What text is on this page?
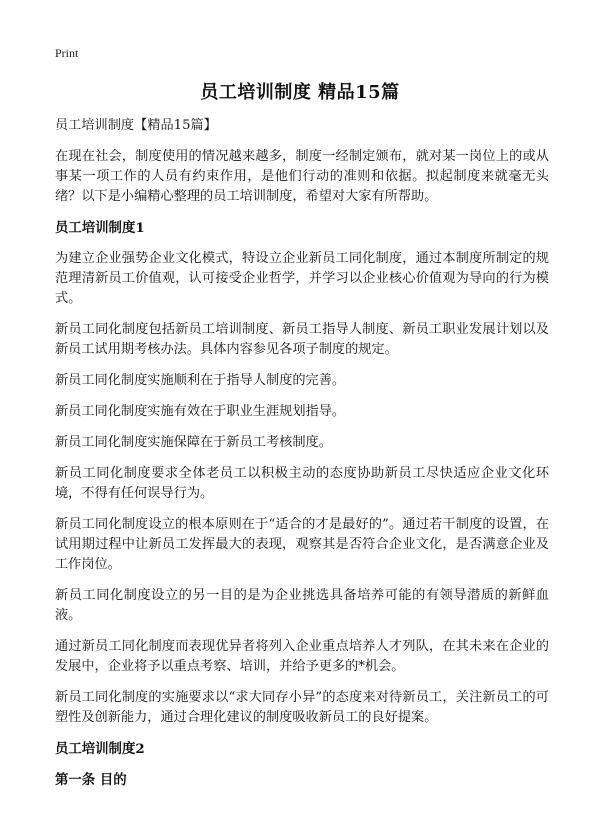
Print
员工培训制度 精品15篇

员工培训制度【精品15篇】

在现在社会，制度使用的情况越来越多，制度一经制定颁布，就对某一岗位上的或从事某一项工作的人员有约束作用，是他们行动的准则和依据。拟起制度来就毫无头绪？以下是小编精心整理的员工培训制度，希望对大家有所帮助。

员工培训制度1

为建立企业强势企业文化模式，特设立企业新员工同化制度，通过本制度所制定的规范理清新员工价值观，认可接受企业哲学，并学习以企业核心价值观为导向的行为模式。

新员工同化制度包括新员工培训制度、新员工指导人制度、新员工职业发展计划以及新员工试用期考核办法。具体内容参见各项子制度的规定。

新员工同化制度实施顺利在于指导人制度的完善。

新员工同化制度实施有效在于职业生涯规划指导。

新员工同化制度实施保障在于新员工考核制度。

新员工同化制度要求全体老员工以积极主动的态度协助新员工尽快适应企业文化环境，不得有任何误导行为。

新员工同化制度设立的根本原则在于“适合的才是最好的”。通过若干制度的设置，在试用期过程中让新员工发挥最大的表现，观察其是否符合企业文化，是否满意企业及工作岗位。

新员工同化制度设立的另一目的是为企业挑选具备培养可能的有领导潜质的新鲜血液。

通过新员工同化制度而表现优异者将列入企业重点培养人才列队，在其未来在企业的发展中，企业将予以重点考察、培训，并给予更多的*机会。

新员工同化制度的实施要求以“求大同存小异”的态度来对待新员工，关注新员工的可塑性及创新能力，通过合理化建议的制度吸收新员工的良好提案。

员工培训制度2
第一条 目的
